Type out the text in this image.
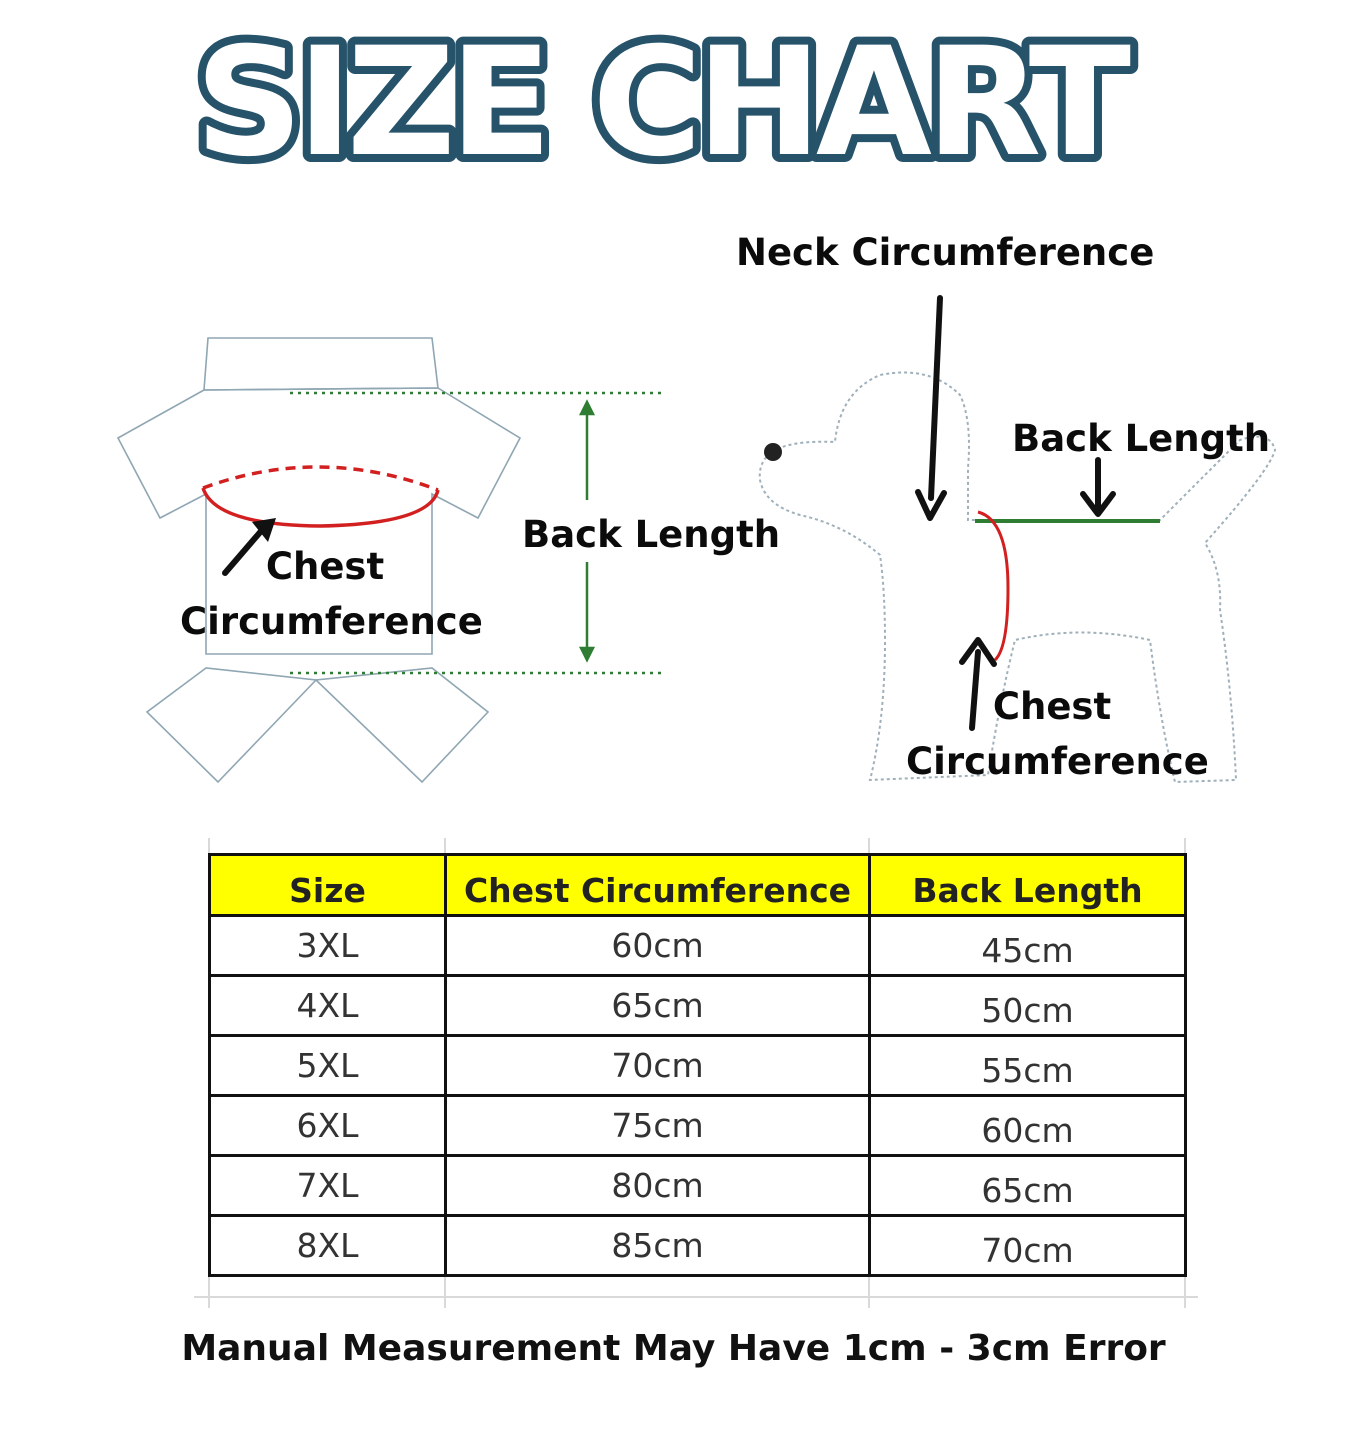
SIZE CHART
Back Length
Chest
Circumference
Neck Circumference
Back Length
Chest
Circumference
Size	Chest Circumference	Back Length
3XL	60cm	45cm
4XL	65cm	50cm
5XL	70cm	55cm
6XL	75cm	60cm
7XL	80cm	65cm
8XL	85cm	70cm
Manual Measurement May Have 1cm - 3cm Error
